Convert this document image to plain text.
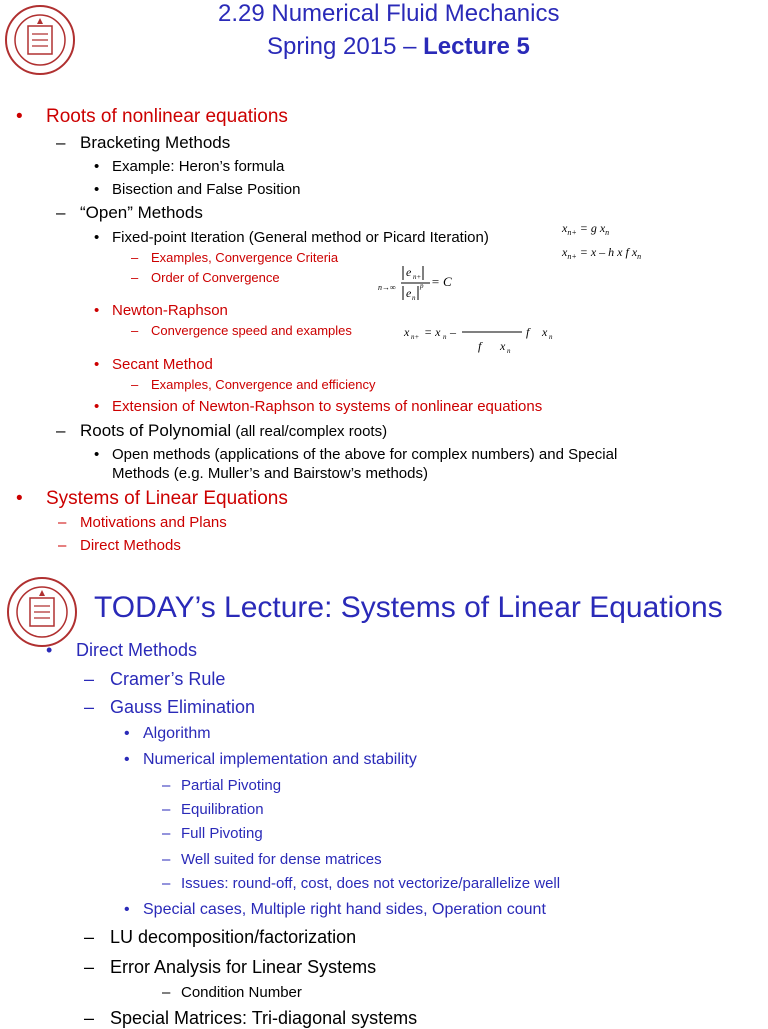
2.29 Numerical Fluid Mechanics
Spring 2015 – Lecture 5
• Roots of nonlinear equations
– Bracketing Methods
• Example: Heron’s formula
• Bisection and False Position
– “Open” Methods
• Fixed-point Iteration (General method or Picard Iteration)
– Examples, Convergence Criteria
– Order of Convergence
• Newton-Raphson
– Convergence speed and examples
• Secant Method
– Examples, Convergence and efficiency
• Extension of Newton-Raphson to systems of nonlinear equations
– Roots of Polynomial (all real/complex roots)
• Open methods (applications of the above for complex numbers) and Special
Methods (e.g. Muller’s and Bairstow’s methods)
• Systems of Linear Equations
– Motivations and Plans
– Direct Methods
$x_{n+} = g$ $x_n$
$x_{n+} = x - h$ x f $x_n$
n→∞
e n+
e n
p = C
x n+ = x n –
f x n
f x n
TODAY’s Lecture: Systems of Linear Equations
• Direct Methods
– Cramer’s Rule
– Gauss Elimination
• Algorithm
• Numerical implementation and stability
– Partial Pivoting
– Equilibration
– Full Pivoting
– Well suited for dense matrices
– Issues: round-off, cost, does not vectorize/parallelize well
• Special cases, Multiple right hand sides, Operation count
– LU decomposition/factorization
– Error Analysis for Linear Systems
– Condition Number
– Special Matrices: Tri-diagonal systems
